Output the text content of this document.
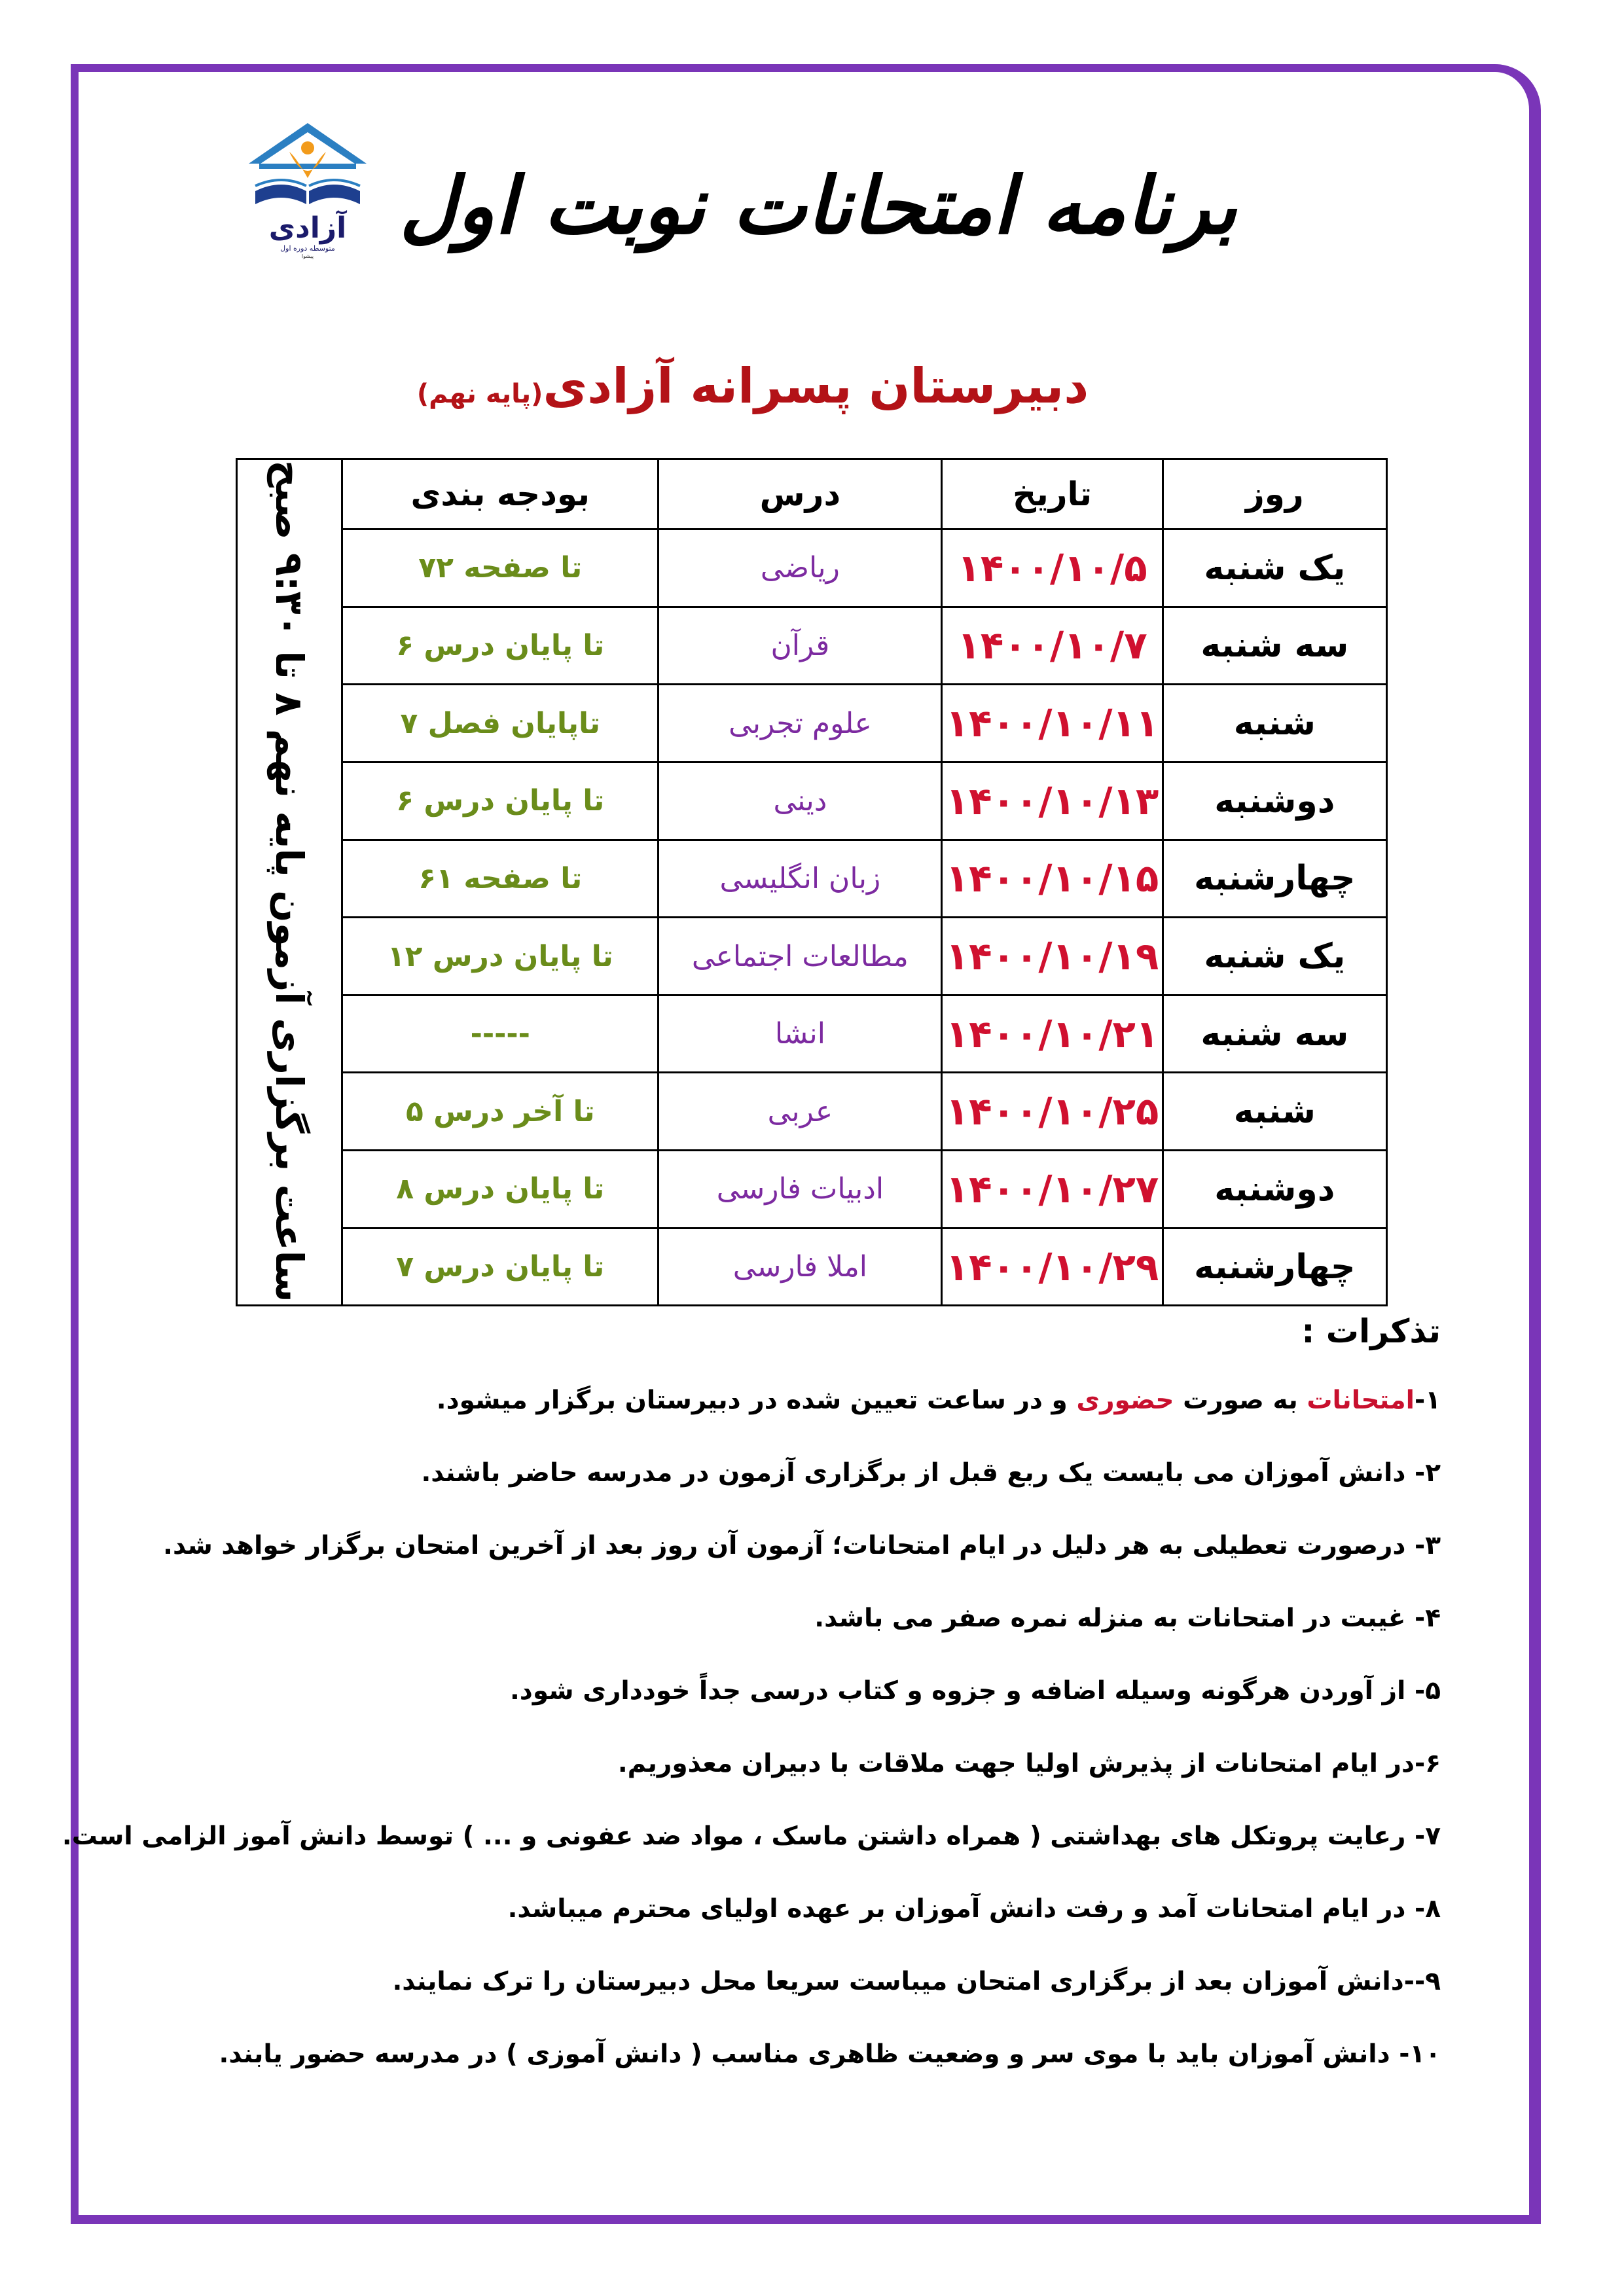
آزادی
متوسطه دوره اول
پیشوا
برنامه امتحانات نوبت اول
دبیرستان پسرانه آزادی(پایه نهم)
روز	تاریخ	درس	بودجه بندی	ساعت برگزاری آزمون پایه نهم ۸ تا ۹:۳۰ صبح
یک شنبه	۱۴۰۰/۱۰/۵	ریاضی	تا صفحه ۷۲	
سه شنبه	۱۴۰۰/۱۰/۷	قرآن	تا پایان درس ۶	
شنبه	۱۴۰۰/۱۰/۱۱	علوم تجربی	تاپایان فصل ۷	
دوشنبه	۱۴۰۰/۱۰/۱۳	دینی	تا پایان درس ۶	
چهارشنبه	۱۴۰۰/۱۰/۱۵	زبان انگلیسی	تا صفحه ۶۱	
یک شنبه	۱۴۰۰/۱۰/۱۹	مطالعات اجتماعی	تا پایان درس ۱۲	
سه شنبه	۱۴۰۰/۱۰/۲۱	انشا	-----	
شنبه	۱۴۰۰/۱۰/۲۵	عربی	تا آخر درس ۵	
دوشنبه	۱۴۰۰/۱۰/۲۷	ادبیات فارسی	تا پایان درس ۸	
چهارشنبه	۱۴۰۰/۱۰/۲۹	املا فارسی	تا پایان درس ۷	
تذکرات :
۱-امتحانات به صورت حضوری و در ساعت تعیین شده در دبیرستان برگزار میشود.
۲- دانش آموزان می بایست یک ربع قبل از برگزاری آزمون در مدرسه حاضر باشند.
۳- درصورت تعطیلی به هر دلیل در ایام امتحانات؛ آزمون آن روز بعد از آخرین امتحان برگزار خواهد شد.
۴- غیبت در امتحانات به منزله نمره صفر می باشد.
۵- از آوردن هرگونه وسیله اضافه و جزوه و کتاب درسی جداً خودداری شود.
۶-در ایام امتحانات از پذیرش اولیا جهت ملاقات با دبیران معذوریم.
۷- رعایت پروتکل های بهداشتی ( همراه داشتن ماسک ، مواد ضد عفونی و ... ) توسط دانش آموز الزامی است.
۸- در ایام امتحانات آمد و رفت دانش آموزان بر عهده اولیای محترم میباشد.
۹--دانش آموزان بعد از برگزاری امتحان میباست سریعا محل دبیرستان را ترک نمایند.
۱۰- دانش آموزان باید با موی سر و وضعیت ظاهری مناسب ( دانش آموزی ) در مدرسه حضور یابند.
